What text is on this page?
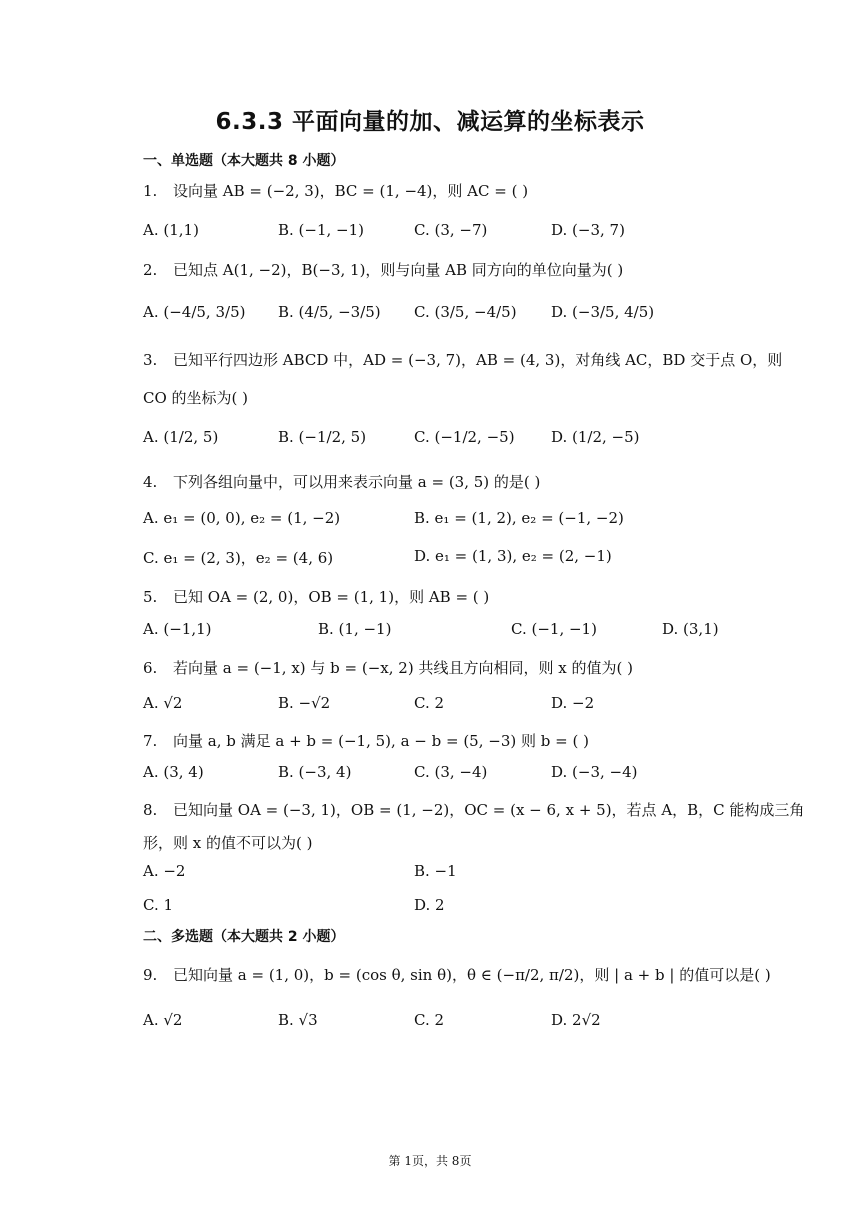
6.3.3 平面向量的加、减运算的坐标表示
一、单选题（本大题共 8 小题）
1. 设向量 AB = (−2, 3)，BC = (1, −4)，则 AC = ( )
A. (1,1)	B. (−1, −1)	C. (3, −7)	D. (−3, 7)
2. 已知点 A(1, −2)，B(−3, 1)，则与向量 AB 同方向的单位向量为( )
A. (−4/5, 3/5) B. (4/5, −3/5) C. (3/5, −4/5) D. (−3/5, 4/5)
3. 已知平行四边形 ABCD 中，AD = (−3, 7)，AB = (4, 3)，对角线 AC，BD 交于点 O，则
CO 的坐标为( )
A. (1/2, 5)	B. (−1/2, 5)	C. (−1/2, −5) D. (1/2, −5)
4. 下列各组向量中，可以用来表示向量 a = (3, 5) 的是( )
A. e₁ = (0, 0), e₂ = (1, −2)	B. e₁ = (1, 2), e₂ = (−1, −2)
C. e₁ = (2, 3)，e₂ = (4, 6)	D. e₁ = (1, 3), e₂ = (2, −1)
5. 已知 OA = (2, 0)，OB = (1, 1)，则 AB = ( )
A. (−1,1)	B. (1, −1)	C. (−1, −1)	D. (3,1)
6. 若向量 a = (−1, x) 与 b = (−x, 2) 共线且方向相同，则 x 的值为( )
A. √2	B. −√2	C. 2	D. −2
7. 向量 a, b 满足 a + b = (−1, 5), a − b = (5, −3) 则 b = ( )
A. (3, 4)	B. (−3, 4)	C. (3, −4)	D. (−3, −4)
8. 已知向量 OA = (−3, 1)，OB = (1, −2)，OC = (x − 6, x + 5)，若点 A，B，C 能构成三角
形，则 x 的值不可以为( )
A. −2	B. −1
C. 1	D. 2
二、多选题（本大题共 2 小题）
9. 已知向量 a = (1, 0)，b = (cos θ, sin θ)，θ ∈ (−π/2, π/2)，则 | a + b | 的值可以是( )
A. √2	B. √3	C. 2	D. 2√2
第 1页，共 8页
